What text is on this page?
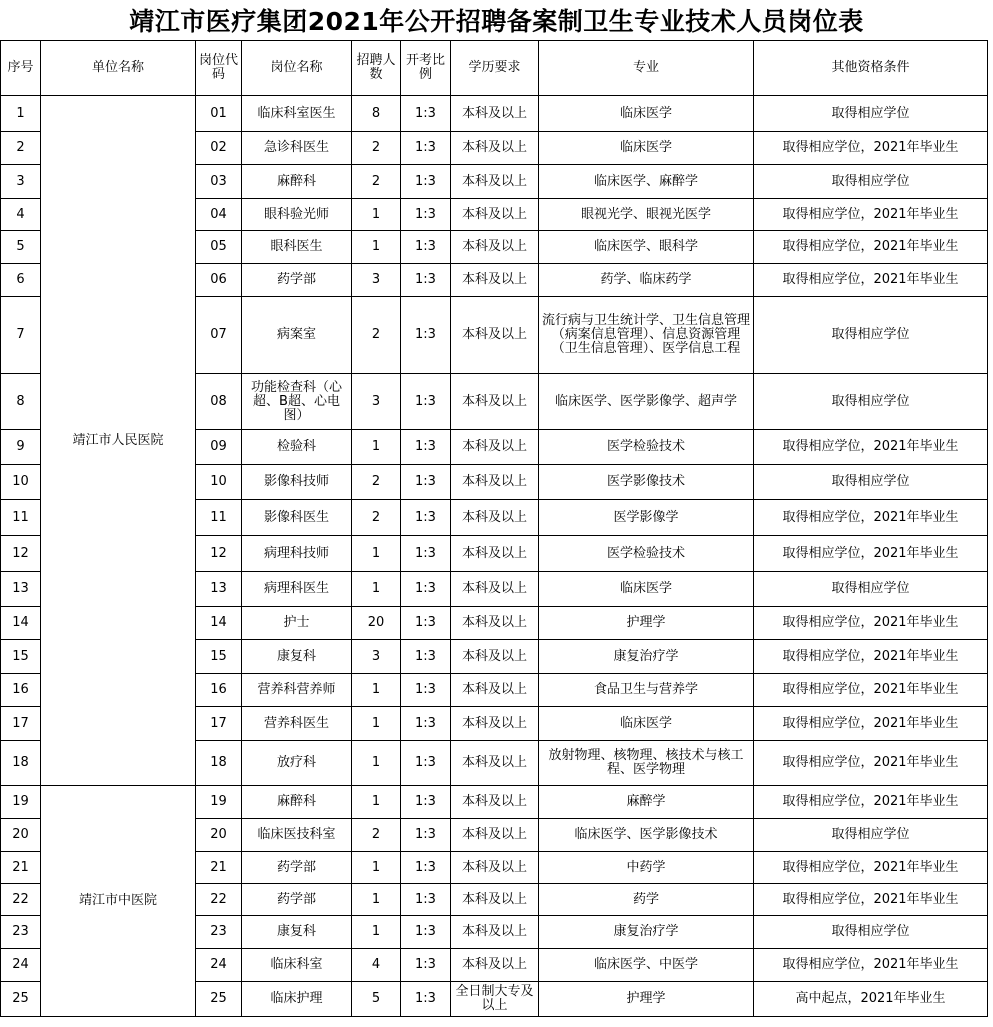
靖江市医疗集团2021年公开招聘备案制卫生专业技术人员岗位表
序号	单位名称	岗位代码	岗位名称	招聘人数	开考比例	学历要求	专业	其他资格条件
1	靖江市人民医院	01	临床科室医生	8	1:3	本科及以上	临床医学	取得相应学位
2		02	急诊科医生	2	1:3	本科及以上	临床医学	取得相应学位，2021年毕业生
3		03	麻醉科	2	1:3	本科及以上	临床医学、麻醉学	取得相应学位
4		04	眼科验光师	1	1:3	本科及以上	眼视光学、眼视光医学	取得相应学位，2021年毕业生
5		05	眼科医生	1	1:3	本科及以上	临床医学、眼科学	取得相应学位，2021年毕业生
6		06	药学部	3	1:3	本科及以上	药学、临床药学	取得相应学位，2021年毕业生
7		07	病案室	2	1:3	本科及以上	流行病与卫生统计学、卫生信息管理（病案信息管理）、信息资源管理（卫生信息管理）、医学信息工程	取得相应学位
8		08	功能检查科（心超、B超、心电图）	3	1:3	本科及以上	临床医学、医学影像学、超声学	取得相应学位
9		09	检验科	1	1:3	本科及以上	医学检验技术	取得相应学位，2021年毕业生
10		10	影像科技师	2	1:3	本科及以上	医学影像技术	取得相应学位
11		11	影像科医生	2	1:3	本科及以上	医学影像学	取得相应学位，2021年毕业生
12		12	病理科技师	1	1:3	本科及以上	医学检验技术	取得相应学位，2021年毕业生
13		13	病理科医生	1	1:3	本科及以上	临床医学	取得相应学位
14		14	护士	20	1:3	本科及以上	护理学	取得相应学位，2021年毕业生
15		15	康复科	3	1:3	本科及以上	康复治疗学	取得相应学位，2021年毕业生
16		16	营养科营养师	1	1:3	本科及以上	食品卫生与营养学	取得相应学位，2021年毕业生
17		17	营养科医生	1	1:3	本科及以上	临床医学	取得相应学位，2021年毕业生
18		18	放疗科	1	1:3	本科及以上	放射物理、核物理、核技术与核工程、医学物理	取得相应学位，2021年毕业生
19	靖江市中医院	19	麻醉科	1	1:3	本科及以上	麻醉学	取得相应学位，2021年毕业生
20		20	临床医技科室	2	1:3	本科及以上	临床医学、医学影像技术	取得相应学位
21		21	药学部	1	1:3	本科及以上	中药学	取得相应学位，2021年毕业生
22		22	药学部	1	1:3	本科及以上	药学	取得相应学位，2021年毕业生
23		23	康复科	1	1:3	本科及以上	康复治疗学	取得相应学位
24		24	临床科室	4	1:3	本科及以上	临床医学、中医学	取得相应学位，2021年毕业生
25		25	临床护理	5	1:3	全日制大专及以上	护理学	高中起点，2021年毕业生
